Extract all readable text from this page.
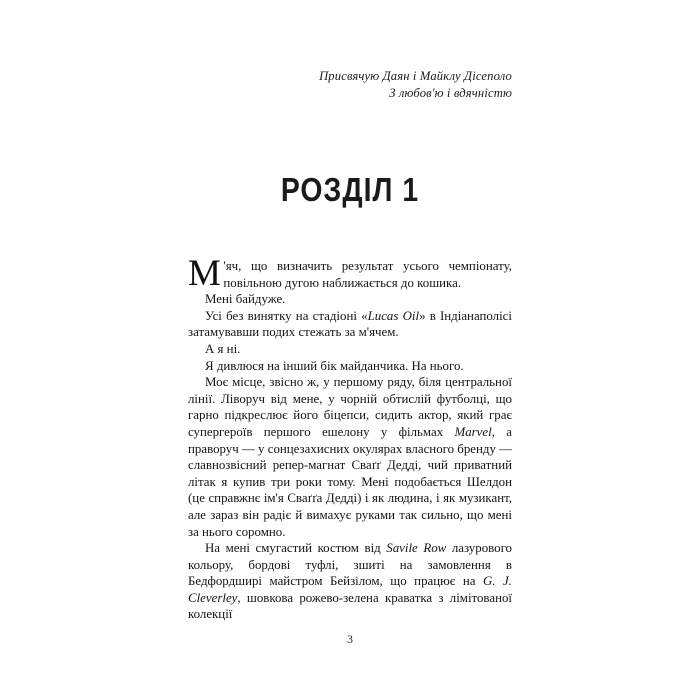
Присвячую Даян і Майклу Дісеполо
З любов'ю і вдячністю
РОЗДІЛ 1

М 'яч, що визначить результат усього чемпіонату, повільною дугою наближається до кошика.

Мені байдуже.

Усі без винятку на стадіоні «Lucas Oil» в Індіанаполісі затамувавши подих стежать за м'ячем.

А я ні.

Я дивлюся на інший бік майданчика. На нього.

Моє місце, звісно ж, у першому ряду, біля центральної лінії. Ліворуч від мене, у чорній обтислій футболці, що гарно підкреслює його біцепси, сидить актор, який грає супергероїв першого ешелону у фільмах Marvel, а праворуч — у сонцезахисних окулярах власного бренду — славнозвісний репер-магнат Сваґґ Дедді, чий приватний літак я купив три роки тому. Мені подобається Шелдон (це справжнє ім'я Сваґґа Дедді) і як людина, і як музикант, але зараз він радіє й вимахує руками так сильно, що мені за нього соромно.

На мені смугастий костюм від Savile Row лазурового кольору, бордові туфлі, зшиті на замовлення в Бедфордширі майстром Бейзілом, що працює на G. J. Cleverley, шовкова рожево-зелена краватка з лімітованої колекції

3
